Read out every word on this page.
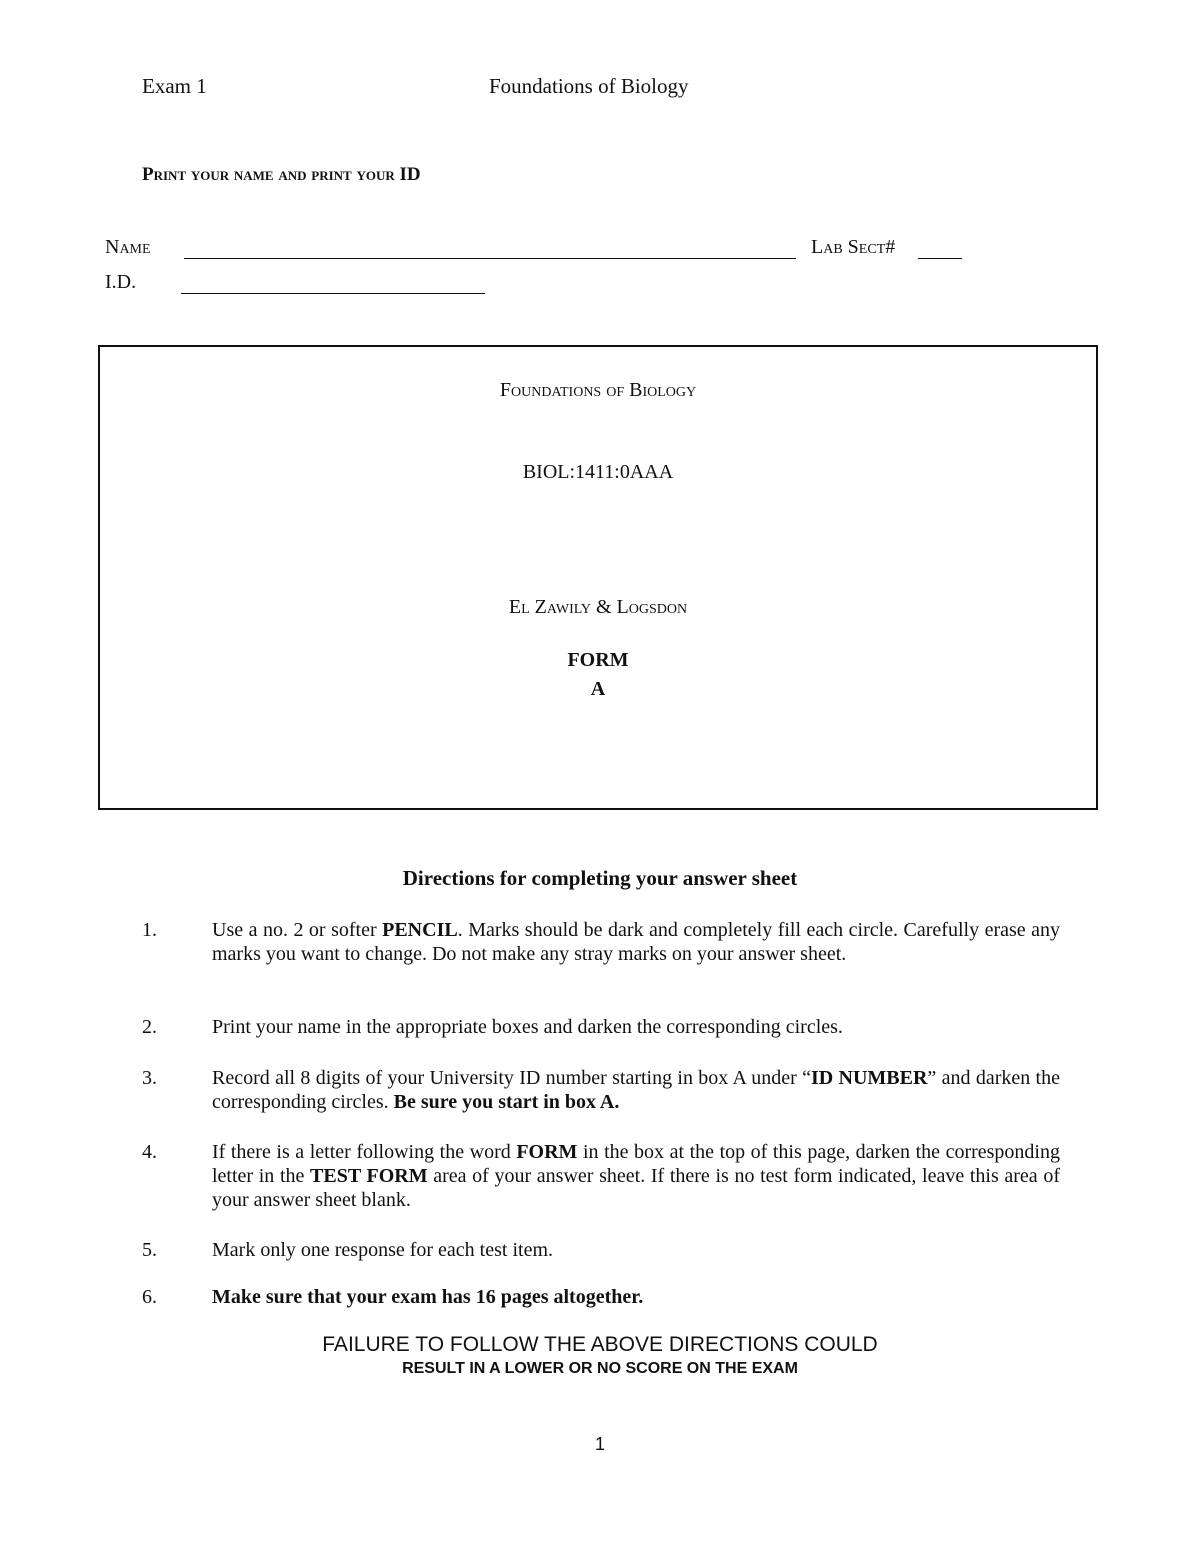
Exam 1	Foundations of Biology
Print your name and print your ID
Name	Lab Sect#
I.D.
Foundations of Biology
BIOL:1411:0AAA
El Zawily & Logsdon
FORM
A
Directions for completing your answer sheet
1.	Use a no. 2 or softer PENCIL. Marks should be dark and completely fill each circle. Carefully erase any marks you want to change. Do not make any stray marks on your answer sheet.
2.	Print your name in the appropriate boxes and darken the corresponding circles.
3.	Record all 8 digits of your University ID number starting in box A under “ID NUMBER” and darken the corresponding circles. Be sure you start in box A.
4.	If there is a letter following the word FORM in the box at the top of this page, darken the corresponding letter in the TEST FORM area of your answer sheet. If there is no test form indicated, leave this area of your answer sheet blank.
5.	Mark only one response for each test item.
6.	Make sure that your exam has 16 pages altogether.
FAILURE TO FOLLOW THE ABOVE DIRECTIONS COULD
RESULT IN A LOWER OR NO SCORE ON THE EXAM
1
